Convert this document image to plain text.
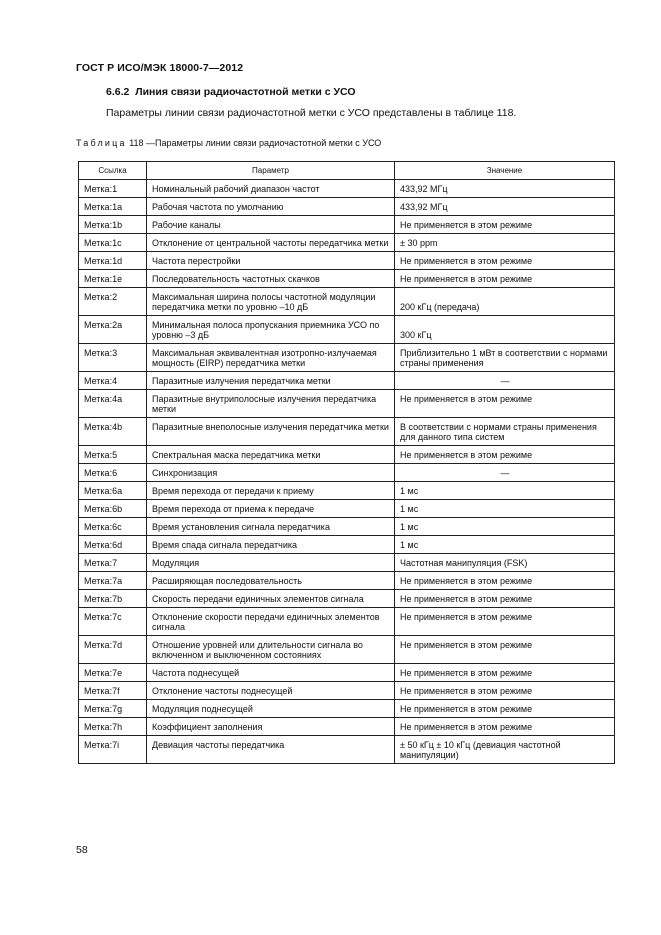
ГОСТ Р ИСО/МЭК 18000-7—2012
6.6.2 Линия связи радиочастотной метки с УСО
Параметры линии связи радиочастотной метки с УСО представлены в таблице 118.
Таблица 118 —Параметры линии связи радиочастотной метки с УСО
Ссылка	Параметр	Значение
Метка:1	Номинальный рабочий диапазон частот	433,92 МГц
Метка:1а	Рабочая частота по умолчанию	433,92 МГц
Метка:1b	Рабочие каналы	Не применяется в этом режиме
Метка:1с	Отклонение от центральной частоты передатчика метки	± 30 ppm
Метка:1d	Частота перестройки	Не применяется в этом режиме
Метка:1е	Последовательность частотных скачков	Не применяется в этом режиме
Метка:2	Максимальная ширина полосы частотной модуляции передатчика метки по уровню –10 дБ	200 кГц (передача)
Метка:2а	Минимальная полоса пропускания приемника УСО по уровню –3 дБ	300 кГц
Метка:3	Максимальная эквивалентная изотропно-излучаемая мощность (EIRP) передатчика метки	Приблизительно 1 мВт в соответствии с нормами страны применения
Метка:4	Паразитные излучения передатчика метки	—
Метка:4а	Паразитные внутриполосные излучения передатчика метки	Не применяется в этом режиме
Метка:4b	Паразитные внеполосные излучения передатчика метки	В соответствии с нормами страны применения для данного типа систем
Метка:5	Спектральная маска передатчика метки	Не применяется в этом режиме
Метка:6	Синхронизация	—
Метка:6а	Время перехода от передачи к приему	1 мс
Метка:6b	Время перехода от приема к передаче	1 мс
Метка:6с	Время установления сигнала передатчика	1 мс
Метка:6d	Время спада сигнала передатчика	1 мс
Метка:7	Модуляция	Частотная манипуляция (FSK)
Метка:7а	Расширяющая последовательность	Не применяется в этом режиме
Метка:7b	Скорость передачи единичных элементов сигнала	Не применяется в этом режиме
Метка:7с	Отклонение скорости передачи единичных элементов сигнала	Не применяется в этом режиме
Метка:7d	Отношение уровней или длительности сигнала во включенном и выключенном состояниях	Не применяется в этом режиме
Метка:7е	Частота поднесущей	Не применяется в этом режиме
Метка:7f	Отклонение частоты поднесущей	Не применяется в этом режиме
Метка:7g	Модуляция поднесущей	Не применяется в этом режиме
Метка:7h	Коэффициент заполнения	Не применяется в этом режиме
Метка:7i	Девиация частоты передатчика	± 50 кГц ± 10 кГц (девиация частотной манипуляции)
58
